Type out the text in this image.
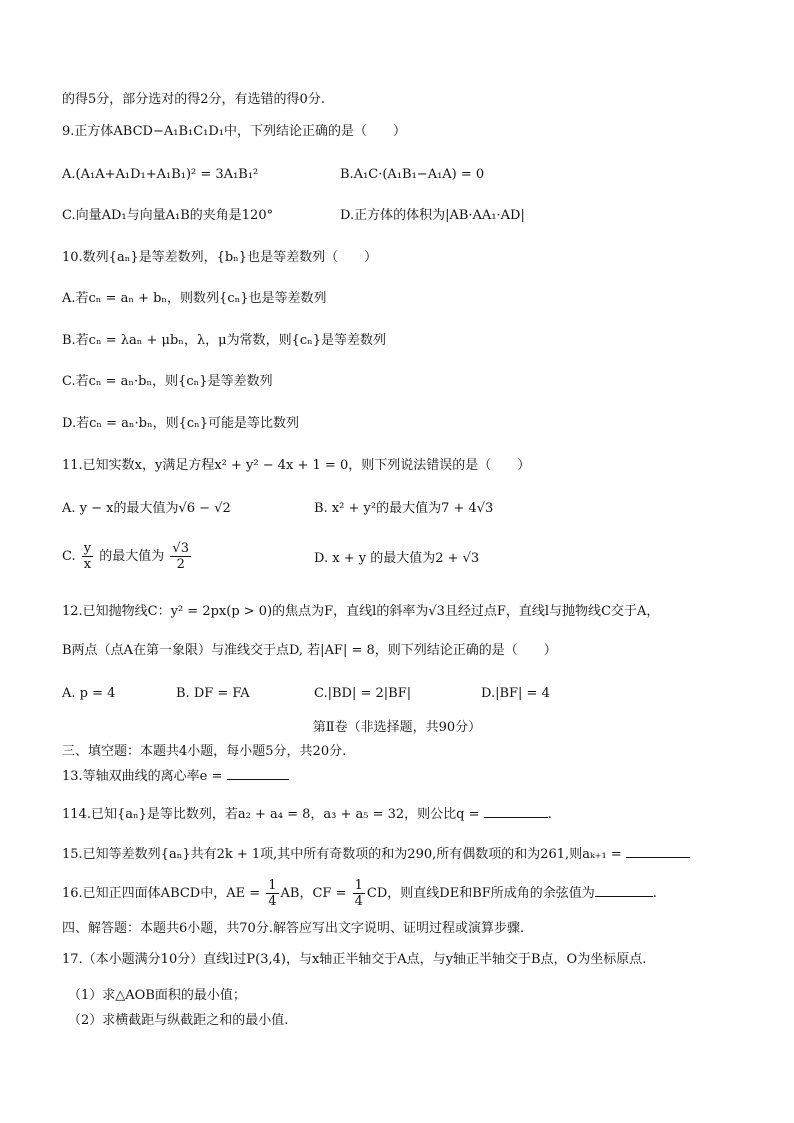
的得5分，部分选对的得2分，有选错的得0分.
9.正方体ABCD−A₁B₁C₁D₁中，下列结论正确的是（　　）
A.(A₁A+A₁D₁+A₁B₁)² = 3A₁B₁²	B.A₁C·(A₁B₁−A₁A) = 0
C.向量AD₁与向量A₁B的夹角是120°	D.正方体的体积为|AB·AA₁·AD|
10.数列{aₙ}是等差数列，{bₙ}也是等差数列（　　）
A.若cₙ = aₙ + bₙ，则数列{cₙ}也是等差数列
B.若cₙ = λaₙ + μbₙ，λ，μ为常数，则{cₙ}是等差数列
C.若cₙ = aₙ·bₙ，则{cₙ}是等差数列
D.若cₙ = aₙ·bₙ，则{cₙ}可能是等比数列
11.已知实数x，y满足方程x² + y² − 4x + 1 = 0，则下列说法错误的是（　　）
A. y − x的最大值为√6 − √2	B. x² + y²的最大值为7 + 4√3
C. $\frac{y}{x}$ 的最大值为 $\frac{√3}{2}$	D. x + y 的最大值为2 + √3
12.已知抛物线C：y² = 2px(p > 0)的焦点为F，直线l的斜率为√3且经过点F，直线l与抛物线C交于A，
B两点（点A在第一象限）与准线交于点D, 若|AF| = 8，则下列结论正确的是（　　）
A. p = 4	B. DF = FA	C.|BD| = 2|BF|	D.|BF| = 4
第Ⅱ卷（非选择题，共90分）
三、填空题：本题共4小题，每小题5分，共20分.
13.等轴双曲线的离心率e =
114.已知{aₙ}是等比数列，若a₂ + a₄ = 8，a₃ + a₅ = 32，则公比q =	.
15.已知等差数列{aₙ}共有2k + 1项,其中所有奇数项的和为290,所有偶数项的和为261,则aₖ₊₁ =
16.已知正四面体ABCD中，AE = $\frac{1}{4}$ AB，CF = $\frac{1}{4}$ CD，则直线DE和BF所成角的余弦值为	.
四、解答题：本题共6小题，共70分.解答应写出文字说明、证明过程或演算步骤.
17.（本小题满分10分）直线l过P(3,4)，与x轴正半轴交于A点，与y轴正半轴交于B点，O为坐标原点.
（1）求△AOB面积的最小值；
（2）求横截距与纵截距之和的最小值.
